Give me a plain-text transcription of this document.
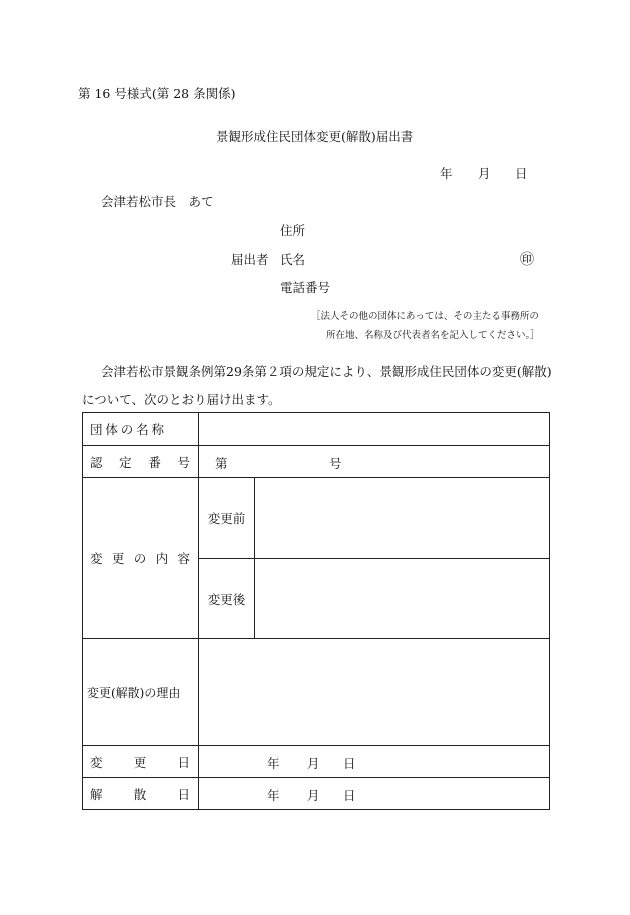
第 16 号様式(第 28 条関係)
景観形成住民団体変更(解散)届出書
年 月 日
会津若松市長　あて
住所
届出者 氏名	㊞
電話番号
［法人その他の団体にあっては、その主たる事務所の
所在地、名称及び代表者名を記入してください。］
会津若松市景観条例第29条第２項の規定により、景観形成住民団体の変更(解散)
について、次のとおり届け出ます。
団 体 の 名 称		

認 定 番 号	第 号	

変 更 の 内 容	変更前	
	変更後	
変更(解散)の理由		

変 更 日	年 月 日	

解 散 日	年 月 日	
